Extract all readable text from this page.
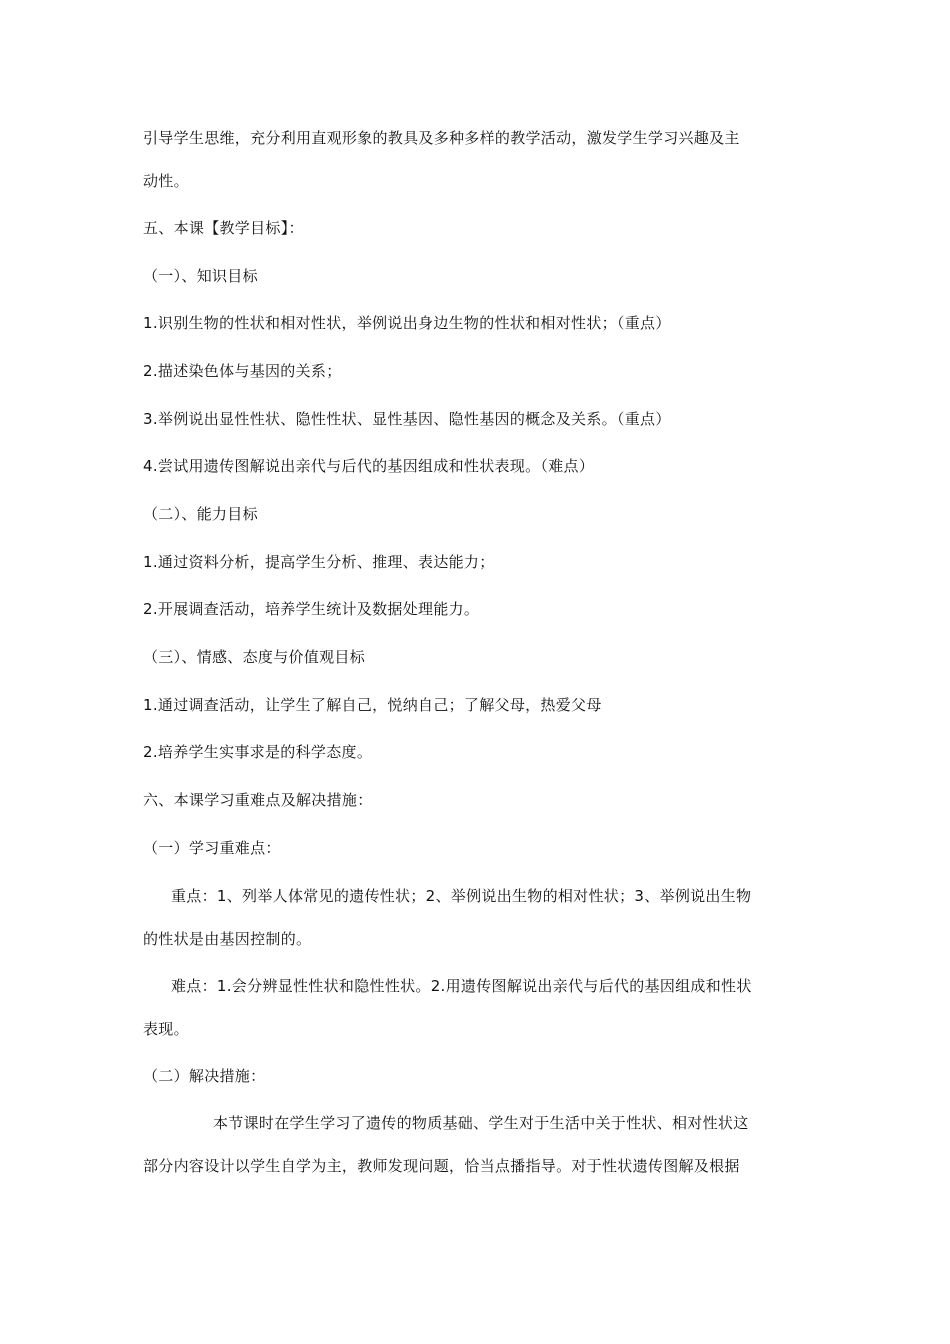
引导学生思维，充分利用直观形象的教具及多种多样的教学活动，激发学生学习兴趣及主
动性。
五、本课【教学目标】：
（一）、知识目标
1.识别生物的性状和相对性状，举例说出身边生物的性状和相对性状；（重点）
2.描述染色体与基因的关系；
3.举例说出显性性状、隐性性状、显性基因、隐性基因的概念及关系。（重点）
4.尝试用遗传图解说出亲代与后代的基因组成和性状表现。（难点）
（二）、能力目标
1.通过资料分析，提高学生分析、推理、表达能力；
2.开展调查活动，培养学生统计及数据处理能力。
（三）、情感、态度与价值观目标
1.通过调查活动，让学生了解自己，悦纳自己；了解父母，热爱父母
2.培养学生实事求是的科学态度。
六、本课学习重难点及解决措施：
（一）学习重难点：
重点：1、列举人体常见的遗传性状；2、举例说出生物的相对性状；3、举例说出生物
的性状是由基因控制的。
难点：1.会分辨显性性状和隐性性状。2.用遗传图解说出亲代与后代的基因组成和性状
表现。
（二）解决措施：
本节课时在学生学习了遗传的物质基础、学生对于生活中关于性状、相对性状这
部分内容设计以学生自学为主，教师发现问题，恰当点播指导。对于性状遗传图解及根据
